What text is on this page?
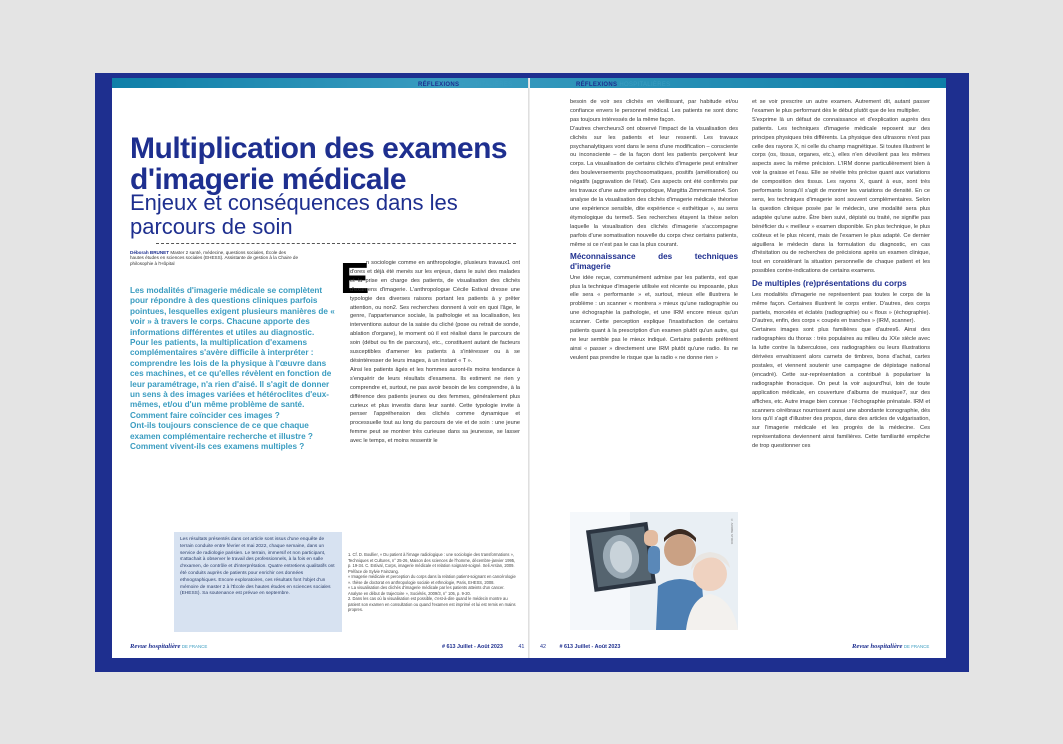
RÉFLEXIONS HOSPITALIÈRES
Multiplication des examens d'imagerie médicale
Enjeux et conséquences dans les parcours de soin
Déborah BRUNET Master 2 santé, médecine, questions sociales, École des hautes études en sciences sociales (EHESS). Assistante de gestion à la Chaire de philosophie à l'Hôpital

Les modalités d'imagerie médicale se complètent pour répondre à des questions cliniques parfois pointues, lesquelles exigent plusieurs manières de « voir » à travers le corps. Chacune apporte des informations différentes et utiles au diagnostic.

Pour les patients, la multiplication d'examens complémentaires s'avère difficile à interpréter : comprendre les lois de la physique à l'œuvre dans ces machines, et ce qu'elles révèlent en fonction de leur paramétrage, n'a rien d'aisé. Il s'agit de donner un sens à des images variées et hétéroclites d'eux-mêmes, et/ou d'un même problème de santé.

Comment faire coïncider ces images ?

Ont-ils toujours conscience de ce que chaque examen complémentaire recherche et illustre ?

Comment vivent-ils ces examens multiples ?

E

n sociologie comme en anthropologie, plusieurs travaux1 ont d'ores et déjà été menés sur les enjeux, dans le suivi des malades et la prise en charge des patients, de visualisation des clichés d'examens d'imagerie. L'anthropologue Cécile Estival dresse une typologie des diverses raisons portant les patients à y prêter attention, ou non2. Ses recherches donnent à voir en quoi l'âge, le genre, l'appartenance sociale, la pathologie et sa localisation, les interventions autour de la saisie du cliché (pose ou retrait de sonde, ablation d'organe), le moment où il est réalisé dans le parcours de soin (début ou fin de parcours), etc., constituent autant de facteurs susceptibles d'amener les patients à s'intéresser ou à se désintéresser de leurs images, à un instant « T ».

Ainsi les patients âgés et les hommes auront-ils moins tendance à s'enquérir de leurs résultats d'examens. Ils estiment ne rien y comprendre et, surtout, ne pas avoir besoin de les comprendre, à la différence des patients jeunes ou des femmes, généralement plus curieux et plus investis dans leur santé. Cette typologie invite à penser l'appréhension des clichés comme dynamique et processuelle tout au long du parcours de vie et de soin : une jeune femme peut se montrer très curieuse dans sa jeunesse, se lasser avec le temps, et moins ressentir le

Les résultats présentés dans cet article sont issus d'une enquête de terrain conduite entre février et mai 2022, chaque semaine, dans un service de radiologie parisien. Le terrain, immersif et non participant, s'attachait à observer le travail des professionnels, à la fois en salle d'examen, de contrôle et d'interprétation. Quatre entretiens qualitatifs ont été conduits auprès de patients pour enrichir ces données ethnographiques. Encore exploratoires, ces résultats font l'objet d'un mémoire de master 2 à l'École des hautes études en sciences sociales (EHESS). Sa soutenance est prévue en septembre.

1. Cf. D. Boullier, « Du patient à l'image radiologique : une sociologie des transformations », Techniques et Cultures, n° 25-26, Maison des sciences de l'homme, décembre-janvier 1995, p. 19-34. C. Estival, Corps, imagerie médicale et relation soignant-soigné. Seli Arslan, 2009. Préface de Sylvie Fainzang.

« Imagerie médicale et perception du corps dans la relation patient-soignant en cancérologie ». thèse de doctorat en anthropologie sociale et ethnologie, Paris, EHESS, 2008.

« La visualisation des clichés d'imagerie médicale par les patients atteints d'un cancer. Analyse en début de trajectoire », Sociétés, 2009/3, n° 105, p. 9-20.

2. Dans les cas où la visualisation est possible, c'est-à-dire quand le médecin montre au patient son examen en consultation ou quand l'examen est imprimé et lui est remis en mains propres.

Revue hospitalière DE FRANCE	# 613 Juillet - Août 2023	41
RÉFLEXIONS HOSPITALIÈRES

besoin de voir ses clichés en vieillissant, par habitude et/ou confiance envers le personnel médical. Les patients ne sont donc pas toujours intéressés de la même façon.

D'autres chercheurs3 ont observé l'impact de la visualisation des clichés sur les patients et leur ressenti. Les travaux psychanalytiques vont dans le sens d'une modification – consciente ou inconsciente – de la façon dont les patients perçoivent leur corps. La visualisation de certains clichés d'imagerie peut entraîner des bouleversements psychosomatiques, positifs (amélioration) ou négatifs (aggravation de l'état). Ces aspects ont été confirmés par les travaux d'une autre anthropologue, Margitta Zimmermann4. Son analyse de la visualisation des clichés d'imagerie médicale théorise une expérience sensible, dite expérience « esthétique », au sens étymologique du terme5. Ses recherches étayent la thèse selon laquelle la visualisation des clichés d'imagerie s'accompagne parfois d'une somatisation nouvelle du corps chez certains patients, même si ce n'est pas le cas la plus courant.

Méconnaissance des techniques d'imagerie

Une idée reçue, communément admise par les patients, est que plus la technique d'imagerie utilisée est récente ou imposante, plus elle sera « performante » et, surtout, mieux elle illustrera le problème : un scanner « montrera » mieux qu'une radiographie ou une échographie la pathologie, et une IRM encore mieux qu'un scanner. Cette perception explique l'insatisfaction de certains patients quant à la prescription d'un examen plutôt qu'un autre, qui ne leur semble pas le mieux indiqué. Certains patients préfèrent ainsi « passer » directement une IRM plutôt qu'une radio. Ils ne veulent pas prendre le risque que la radio « ne donne rien »

© ADOBE STOCK

et se voir prescrire un autre examen. Autrement dit, autant passer l'examen le plus performant dès le début plutôt que de les multiplier.

S'exprime là un défaut de connaissance et d'explication auprès des patients. Les techniques d'imagerie médicale reposent sur des principes physiques très différents. La physique des ultrasons n'est pas celle des rayons X, ni celle du champ magnétique. Si toutes illustrent le corps (os, tissus, organes, etc.), elles n'en dévoilent pas les mêmes aspects avec la même précision. L'IRM donne particulièrement bien à voir la graisse et l'eau. Elle se révèle très précise quant aux variations de composition des tissus. Les rayons X, quant à eux, sont très performants lorsqu'il s'agit de montrer les variations de densité. En ce sens, les techniques d'imagerie sont souvent complémentaires. Selon la question clinique posée par le médecin, une modalité sera plus adaptée qu'une autre. Être bien suivi, dépisté ou traité, ne signifie pas bénéficier du « meilleur » examen disponible. En plus technique, le plus coûteux et le plus récent, mais de l'examen le plus adapté. Ce dernier aiguillera le médecin dans la formulation du diagnostic, en cas d'hésitation ou de recherches de précisions après un examen clinique, tout en considérant la situation personnelle de chaque patient et les possibles contre-indications de certains examens.

De multiples (re)présentations du corps

Les modalités d'imagerie ne représentent pas toutes le corps de la même façon. Certaines illustrent le corps entier. D'autres, des corps partiels, morcelés et éclatés (radiographie) ou « flous » (échographie). D'autres, enfin, des corps « coupés en tranches » (IRM, scanner).

Certaines images sont plus familières que d'autres6. Ainsi des radiographies du thorax : très populaires au milieu du XXe siècle avec la lutte contre la tuberculose, ces radiographies ou leurs illustrations dérivées envahissent alors carnets de timbres, bons d'achat, cartes postales, et viennent soutenir une campagne de dépistage national (encadré). Cette sur-représentation a contribué à populariser la radiographie thoracique. On peut la voir aujourd'hui, loin de toute application médicale, en couverture d'albums de musique7, sur des affiches, etc. Autre image bien connue : l'échographie prénatale. IRM et scanners cérébraux nourrissent aussi une abondante iconographie, dès lors qu'il s'agit d'illustrer des propos, dans des articles de vulgarisation, sur l'imagerie médicale et les progrès de la médecine. Ces représentations deviennent ainsi familières. Cette familiarité empêche de trop questionner ces

42	# 613 Juillet - Août 2023	Revue hospitalière DE FRANCE
